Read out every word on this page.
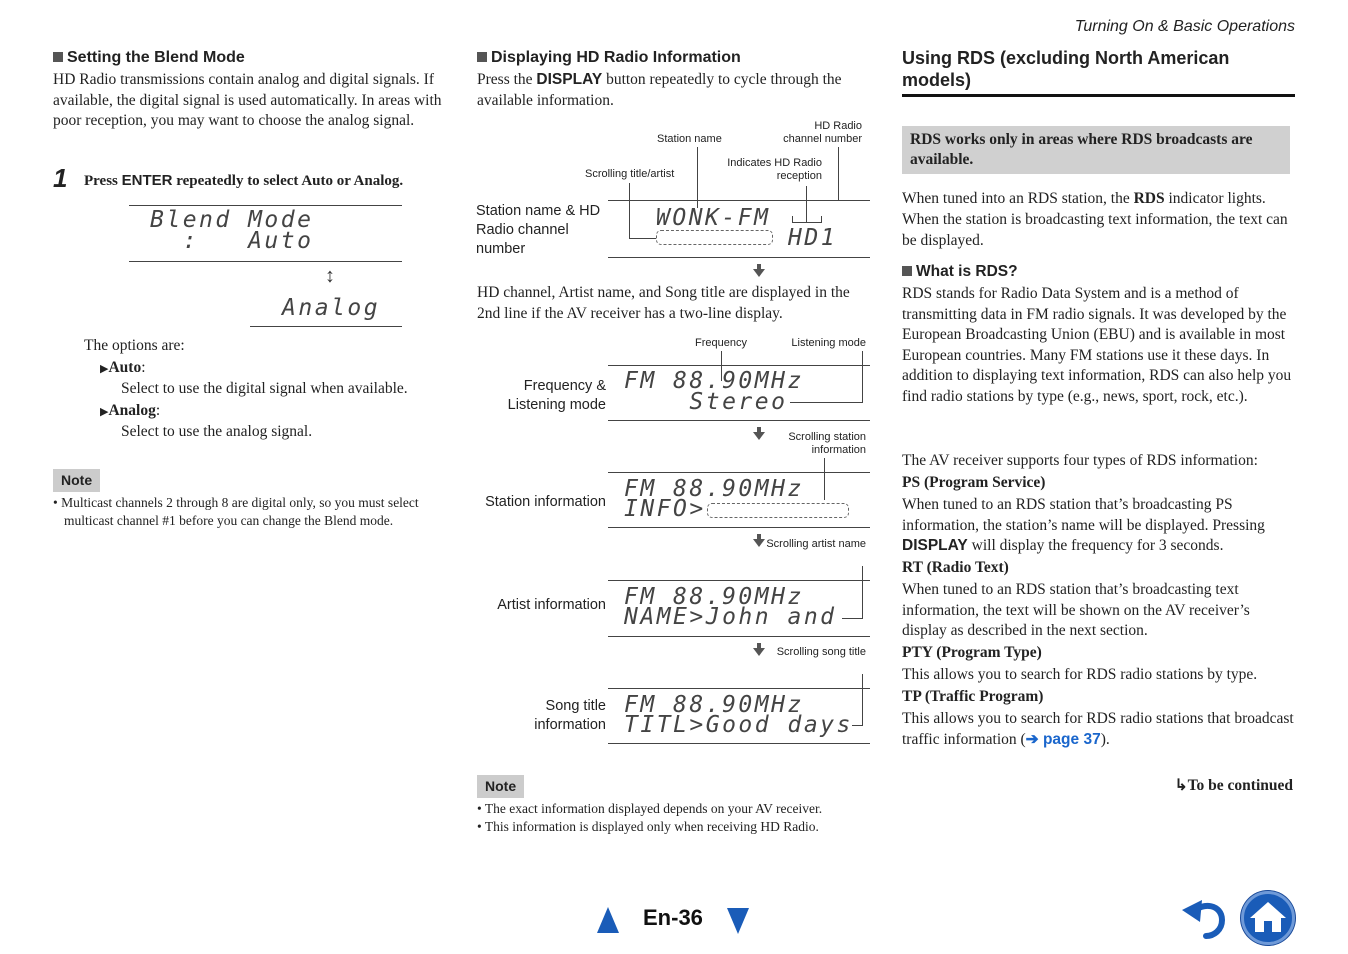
Turning On & Basic Operations
Setting the Blend Mode
HD Radio transmissions contain analog and digital signals. If available, the digital signal is used automatically. In areas with poor reception, you may want to choose the analog signal.
1 Press ENTER repeatedly to select Auto or Analog.
Blend Mode
:   Auto
↕
Analog
The options are:
▶Auto:
Select to use the digital signal when available.
▶Analog:
Select to use the analog signal.
Note
• Multicast channels 2 through 8 are digital only, so you must select multicast channel #1 before you can change the Blend mode.
Displaying HD Radio Information
Press the DISPLAY button repeatedly to cycle through the available information.
Station name
HD Radio channel number
Scrolling title/artist
Indicates HD Radio reception
WONK-FM
HD1
Station name & HD Radio channel number
HD channel, Artist name, and Song title are displayed in the 2nd line if the AV receiver has a two-line display.
Frequency	Listening mode
FM 88.90MHz
Stereo
Frequency & Listening mode
Scrolling station information
FM 88.90MHz
INFO>
Station information
Scrolling artist name
FM 88.90MHz
NAME>John and
Artist information
Scrolling song title
FM 88.90MHz
TITL>Good days
Song title information
Note
• The exact information displayed depends on your AV receiver.
• This information is displayed only when receiving HD Radio.
Using RDS (excluding North American models)
RDS works only in areas where RDS broadcasts are available.
When tuned into an RDS station, the RDS indicator lights. When the station is broadcasting text information, the text can be displayed.
What is RDS?
RDS stands for Radio Data System and is a method of transmitting data in FM radio signals. It was developed by the European Broadcasting Union (EBU) and is available in most European countries. Many FM stations use it these days. In addition to displaying text information, RDS can also help you find radio stations by type (e.g., news, sport, rock, etc.).
The AV receiver supports four types of RDS information:
PS (Program Service)
When tuned to an RDS station that’s broadcasting PS information, the station’s name will be displayed. Pressing DISPLAY will display the frequency for 3 seconds.
RT (Radio Text)
When tuned to an RDS station that’s broadcasting text information, the text will be shown on the AV receiver’s display as described in the next section.
PTY (Program Type)
This allows you to search for RDS radio stations by type.
TP (Traffic Program)
This allows you to search for RDS radio stations that broadcast traffic information (➔ page 37).
↳To be continued
En-36
